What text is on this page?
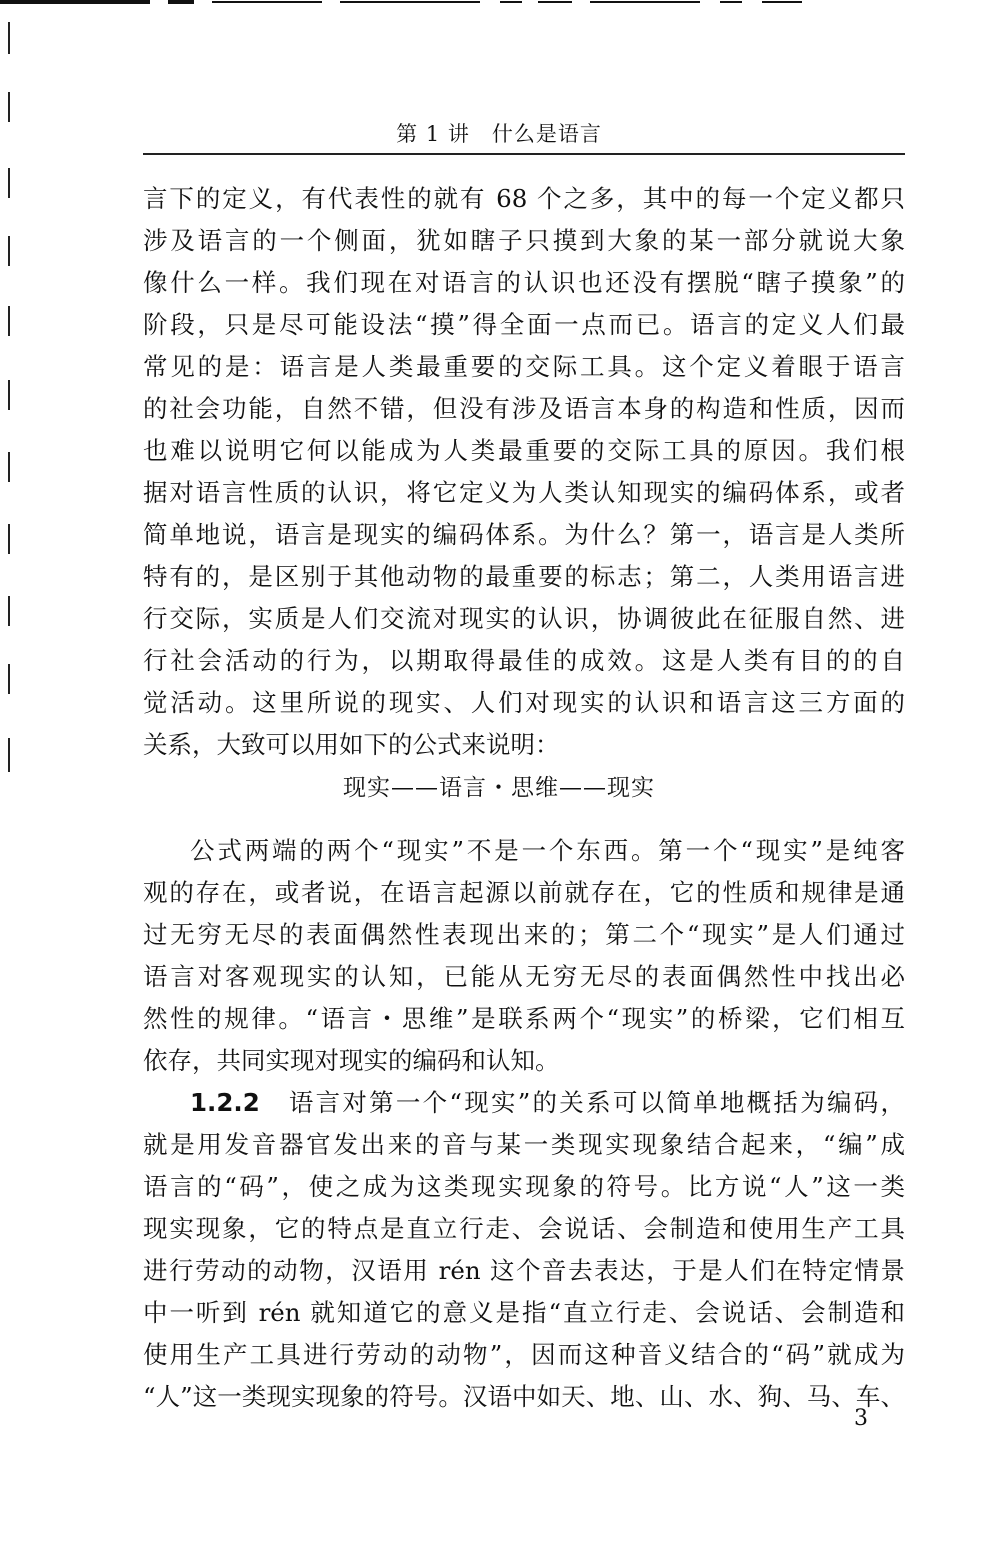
第 1 讲　什么是语言
言下的定义，有代表性的就有 68 个之多，其中的每一个定义都只
涉及语言的一个侧面，犹如瞎子只摸到大象的某一部分就说大象
像什么一样。我们现在对语言的认识也还没有摆脱“瞎子摸象”的
阶段，只是尽可能设法“摸”得全面一点而已。语言的定义人们最
常见的是：语言是人类最重要的交际工具。这个定义着眼于语言
的社会功能，自然不错，但没有涉及语言本身的构造和性质，因而
也难以说明它何以能成为人类最重要的交际工具的原因。我们根
据对语言性质的认识，将它定义为人类认知现实的编码体系，或者
简单地说，语言是现实的编码体系。为什么？第一，语言是人类所
特有的，是区别于其他动物的最重要的标志；第二，人类用语言进
行交际，实质是人们交流对现实的认识，协调彼此在征服自然、进
行社会活动的行为，以期取得最佳的成效。这是人类有目的的自
觉活动。这里所说的现实、人们对现实的认识和语言这三方面的
关系，大致可以用如下的公式来说明：
现实——语言・思维——现实
公式两端的两个“现实”不是一个东西。第一个“现实”是纯客
观的存在，或者说，在语言起源以前就存在，它的性质和规律是通
过无穷无尽的表面偶然性表现出来的；第二个“现实”是人们通过
语言对客观现实的认知，已能从无穷无尽的表面偶然性中找出必
然性的规律。“语言・思维”是联系两个“现实”的桥梁，它们相互
依存，共同实现对现实的编码和认知。
1.2.2　 语言对第一个“现实”的关系可以简单地概括为编码，
就是用发音器官发出来的音与某一类现实现象结合起来，“编”成
语言的“码”，使之成为这类现实现象的符号。比方说“人”这一类
现实现象，它的特点是直立行走、会说话、会制造和使用生产工具
进行劳动的动物，汉语用 rén 这个音去表达，于是人们在特定情景
中一听到 rén 就知道它的意义是指“直立行走、会说话、会制造和
使用生产工具进行劳动的动物”，因而这种音义结合的“码”就成为
“人”这一类现实现象的符号。汉语中如天、地、山、水、狗、马、车、
3
